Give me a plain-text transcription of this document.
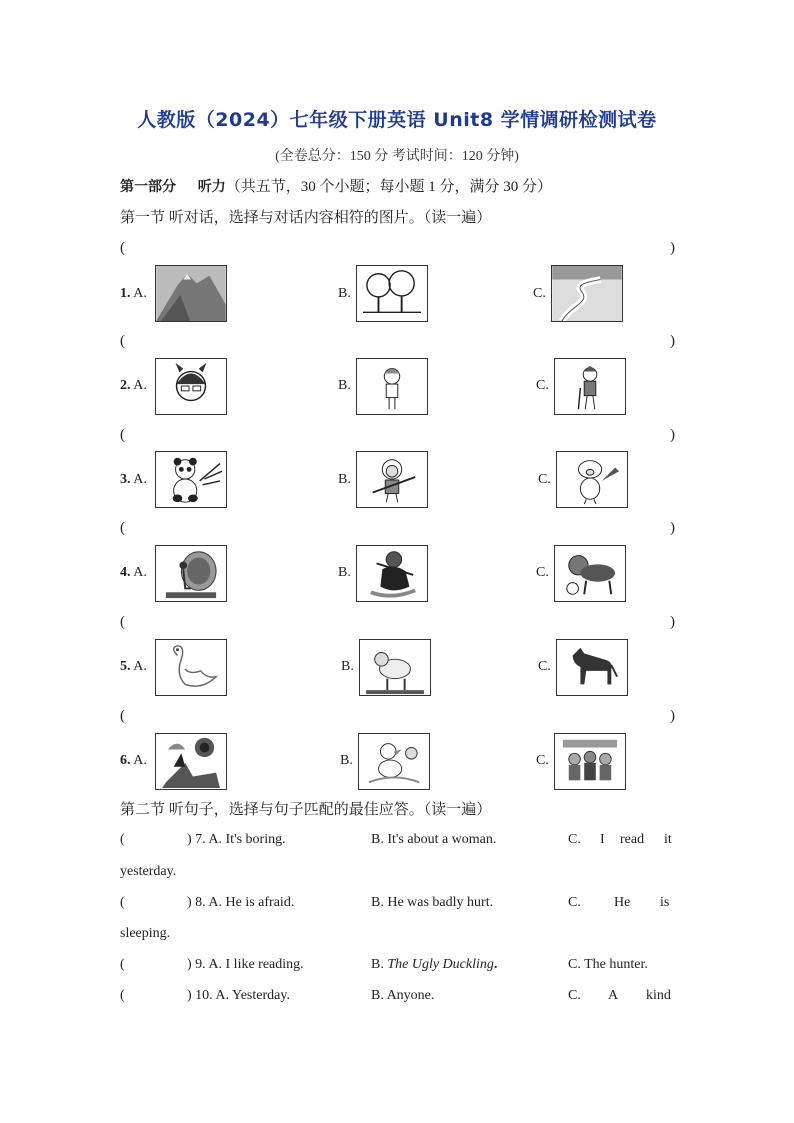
人教版（2024）七年级下册英语 Unit8 学情调研检测试卷
(全卷总分：150 分 考试时间：120 分钟)
第一部分 听力（共五节，30 个小题；每小题 1 分，满分 30 分）
第一节 听对话，选择与对话内容相符的图片。（读一遍）
(	)
1. A.	B.	C.
(	)
2. A.	B.	C.
(	)
3. A.	B.	C.
(	)
4. A.	B.	C.
(	)
5. A.	B.	C.
(	)
6. A.	B.	C.
第二节 听句子，选择与句子匹配的最佳应答。（读一遍）
(	) 7. A. It's boring.	B. It's about a woman.	C. I read it
yesterday.
(	) 8. A. He is afraid.	B. He was badly hurt.	C. He is
sleeping.
(	) 9. A. I like reading.	B. The Ugly Duckling.	C. The hunter.
(	) 10. A. Yesterday.	B. Anyone.	C. A kind
